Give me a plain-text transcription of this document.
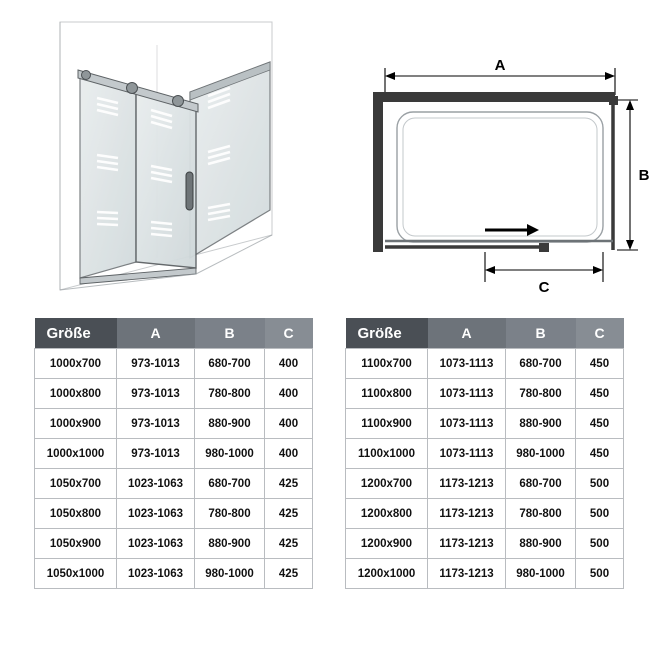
A
B
C
Größe	A	B	C
1000x700	973-1013	680-700	400
1000x800	973-1013	780-800	400
1000x900	973-1013	880-900	400
1000x1000	973-1013	980-1000	400
1050x700	1023-1063	680-700	425
1050x800	1023-1063	780-800	425
1050x900	1023-1063	880-900	425
1050x1000	1023-1063	980-1000	425
Größe	A	B	C
1100x700	1073-1113	680-700	450
1100x800	1073-1113	780-800	450
1100x900	1073-1113	880-900	450
1100x1000	1073-1113	980-1000	450
1200x700	1173-1213	680-700	500
1200x800	1173-1213	780-800	500
1200x900	1173-1213	880-900	500
1200x1000	1173-1213	980-1000	500
